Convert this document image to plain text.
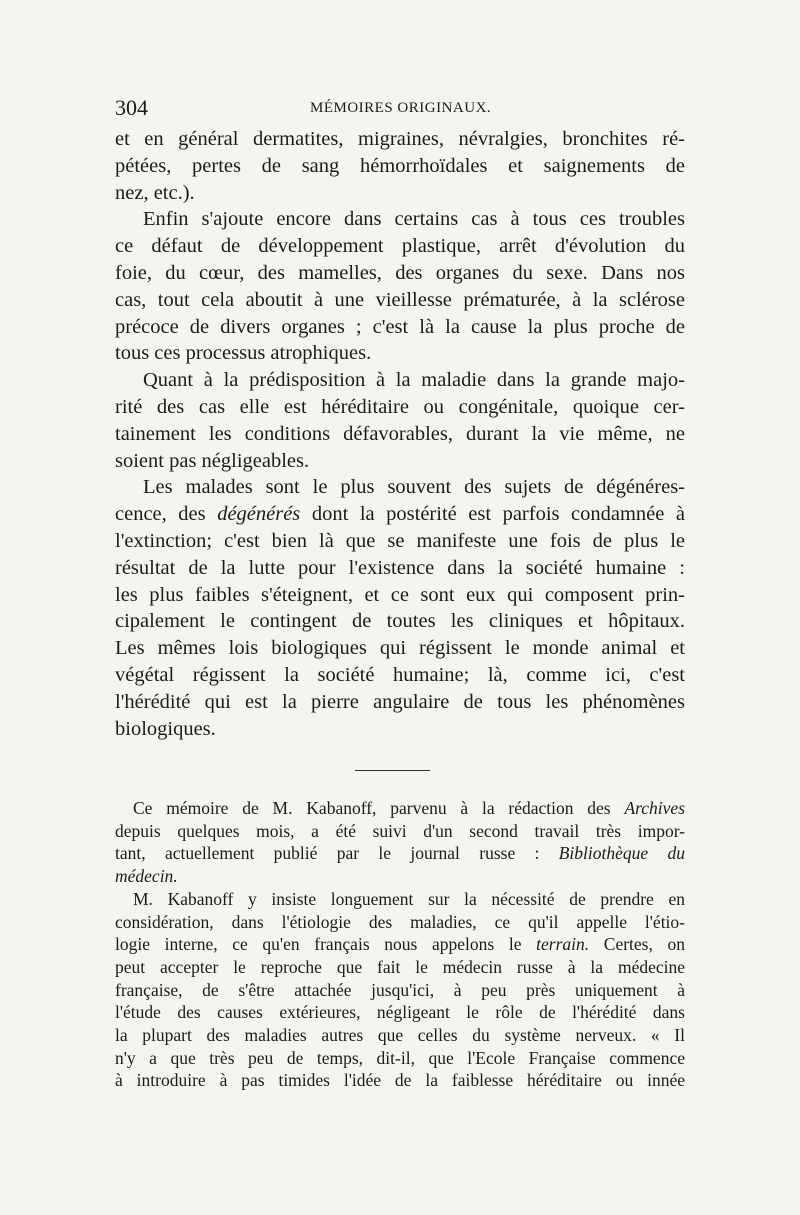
304	MÉMOIRES ORIGINAUX.
et en général dermatites, migraines, névralgies, bronchites ré-
pétées, pertes de sang hémorrhoïdales et saignements de
nez, etc.).
Enfin s'ajoute encore dans certains cas à tous ces troubles
ce défaut de développement plastique, arrêt d'évolution du
foie, du cœur, des mamelles, des organes du sexe. Dans nos
cas, tout cela aboutit à une vieillesse prématurée, à la sclérose
précoce de divers organes ; c'est là la cause la plus proche de
tous ces processus atrophiques.
Quant à la prédisposition à la maladie dans la grande majo-
rité des cas elle est héréditaire ou congénitale, quoique cer-
tainement les conditions défavorables, durant la vie même, ne
soient pas négligeables.
Les malades sont le plus souvent des sujets de dégénéres-
cence, des dégénérés dont la postérité est parfois condamnée à
l'extinction; c'est bien là que se manifeste une fois de plus le
résultat de la lutte pour l'existence dans la société humaine :
les plus faibles s'éteignent, et ce sont eux qui composent prin-
cipalement le contingent de toutes les cliniques et hôpitaux.
Les mêmes lois biologiques qui régissent le monde animal et
végétal régissent la société humaine; là, comme ici, c'est
l'hérédité qui est la pierre angulaire de tous les phénomènes
biologiques.
Ce mémoire de M. Kabanoff, parvenu à la rédaction des Archives
depuis quelques mois, a été suivi d'un second travail très impor-
tant, actuellement publié par le journal russe : Bibliothèque du
médecin.
M. Kabanoff y insiste longuement sur la nécessité de prendre en
considération, dans l'étiologie des maladies, ce qu'il appelle l'étio-
logie interne, ce qu'en français nous appelons le terrain. Certes, on
peut accepter le reproche que fait le médecin russe à la médecine
française, de s'être attachée jusqu'ici, à peu près uniquement à
l'étude des causes extérieures, négligeant le rôle de l'hérédité dans
la plupart des maladies autres que celles du système nerveux. « Il
n'y a que très peu de temps, dit-il, que l'Ecole Française commence
à introduire à pas timides l'idée de la faiblesse héréditaire ou innée
